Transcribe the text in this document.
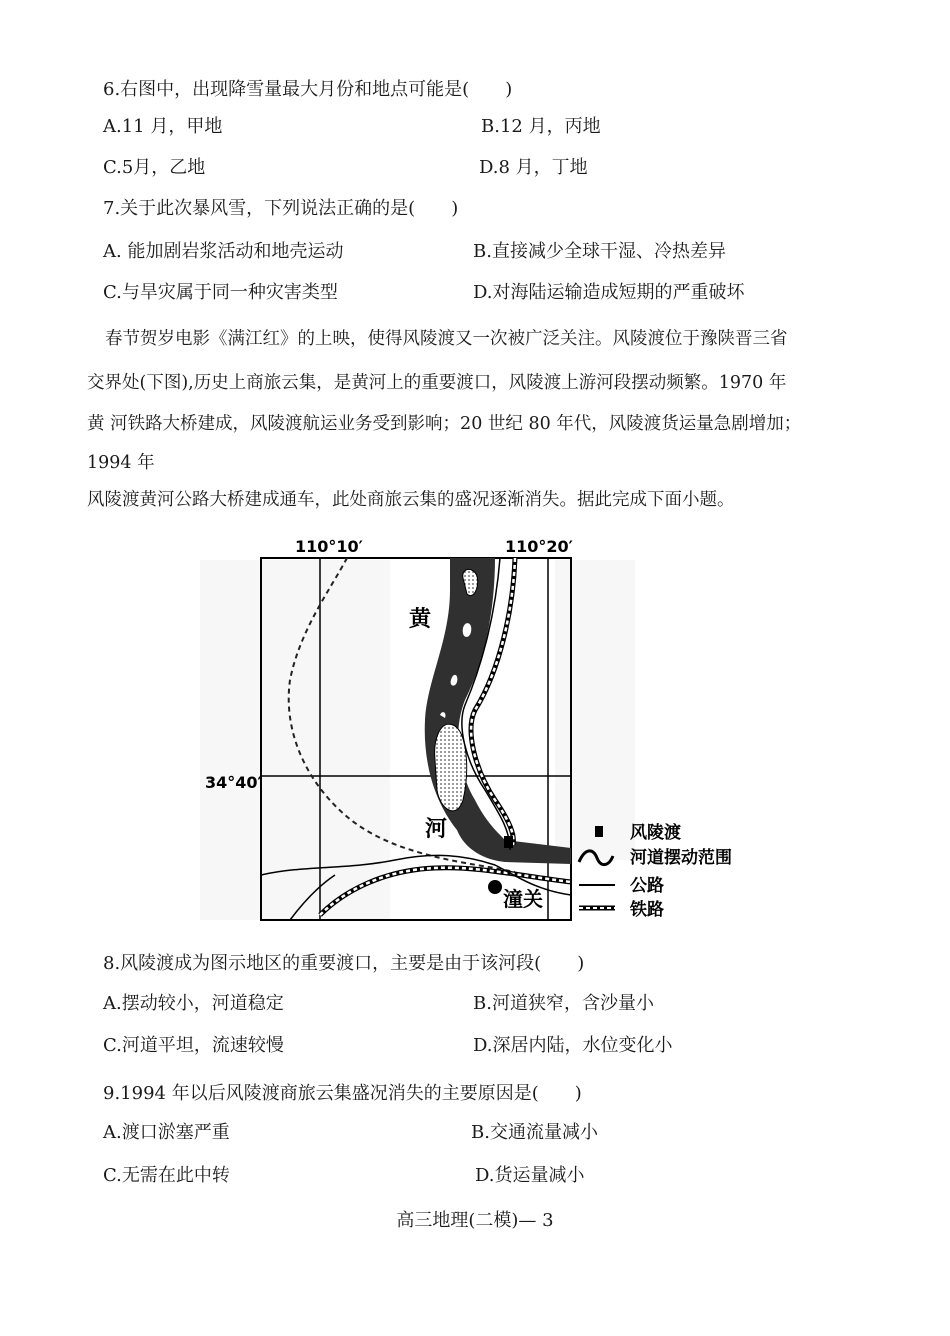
6.右图中，出现降雪量最大月份和地点可能是(　　)
A.11 月，甲地	B.12 月，丙地
C.5月，乙地	D.8 月，丁地
7.关于此次暴风雪，下列说法正确的是(　　)
A. 能加剧岩浆活动和地壳运动	B.直接减少全球干湿、冷热差异
C.与旱灾属于同一种灾害类型	D.对海陆运输造成短期的严重破坏
春节贺岁电影《满江红》的上映，使得风陵渡又一次被广泛关注。风陵渡位于豫陕晋三省
交界处(下图),历史上商旅云集，是黄河上的重要渡口，风陵渡上游河段摆动频繁。1970 年
黄 河铁路大桥建成，风陵渡航运业务受到影响；20 世纪 80 年代，风陵渡货运量急剧增加；
1994 年
风陵渡黄河公路大桥建成通车，此处商旅云集的盛况逐渐消失。据此完成下面小题。
110°10′	110°20′
34°40′
黄
河
潼关
风陵渡
河道摆动范围
公路
铁路
8.风陵渡成为图示地区的重要渡口，主要是由于该河段(　　)
A.摆动较小，河道稳定	B.河道狭窄，含沙量小
C.河道平坦，流速较慢	D.深居内陆，水位变化小
9.1994 年以后风陵渡商旅云集盛况消失的主要原因是(　　)
A.渡口淤塞严重	B.交通流量减小
C.无需在此中转	D.货运量减小
高三地理(二模)— 3
